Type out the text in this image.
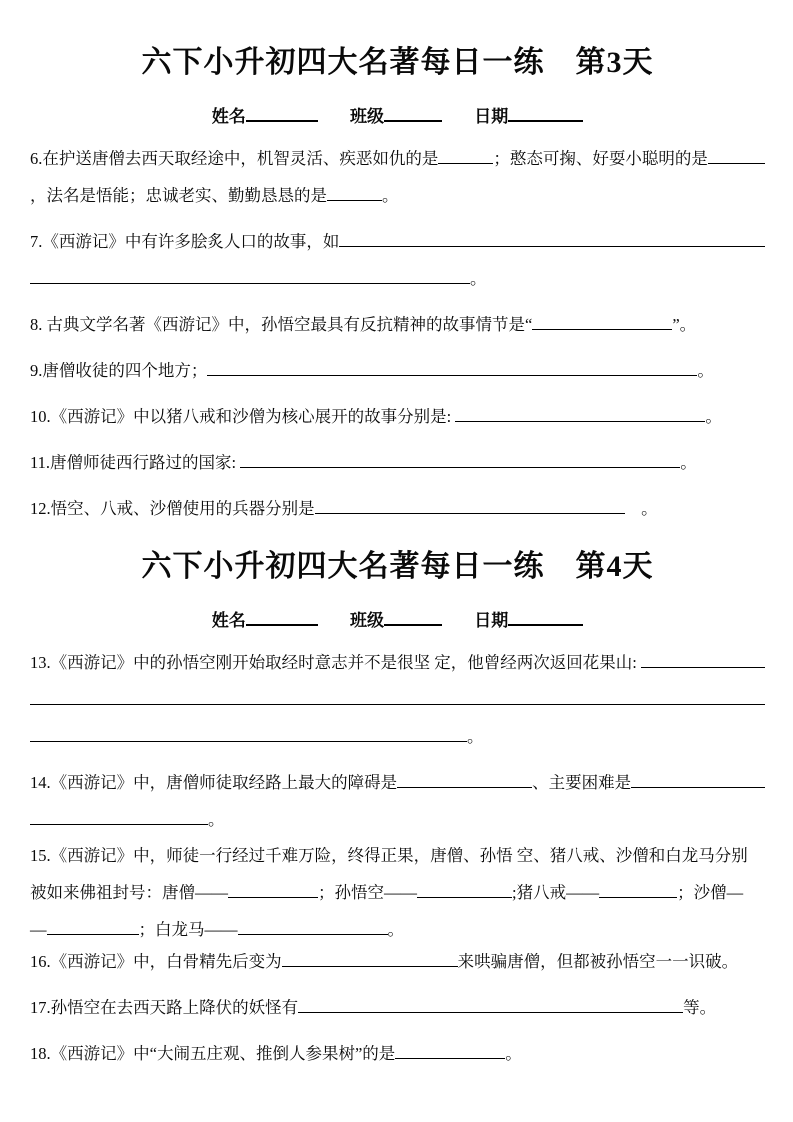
六下小升初四大名著每日一练　第3天
姓名	班级	日期
6.在护送唐僧去西天取经途中，机智灵活、疾恶如仇的是	；憨态可掬、好耍小聪明的是
，法名是悟能；忠诚老实、勤勤恳恳的是	。
7.《西游记》中有许多脍炙人口的故事，如
。
8. 古典文学名著《西游记》中，孙悟空最具有反抗精神的故事情节是“	”。
9.唐僧收徒的四个地方；	。
10.《西游记》中以猪八戒和沙僧为核心展开的故事分别是:	。
11.唐僧师徒西行路过的国家:	。
12.悟空、八戒、沙僧使用的兵器分别是	　。
六下小升初四大名著每日一练　第4天
姓名	班级	日期
13.《西游记》中的孙悟空刚开始取经时意志并不是很坚 定，他曾经两次返回花果山:
。
14.《西游记》中，唐僧师徒取经路上最大的障碍是	、主要困难是
。
15.《西游记》中，师徒一行经过千难万险，终得正果，唐僧、孙悟 空、猪八戒、沙僧和白龙马分别
被如来佛祖封号：唐僧——	；孙悟空——	;猪八戒——	；沙僧—
—	；白龙马——	。
16.《西游记》中，白骨精先后变为	来哄骗唐僧，但都被孙悟空一一识破。
17.孙悟空在去西天路上降伏的妖怪有	等。
18.《西游记》中“大闹五庄观、推倒人参果树”的是	。
